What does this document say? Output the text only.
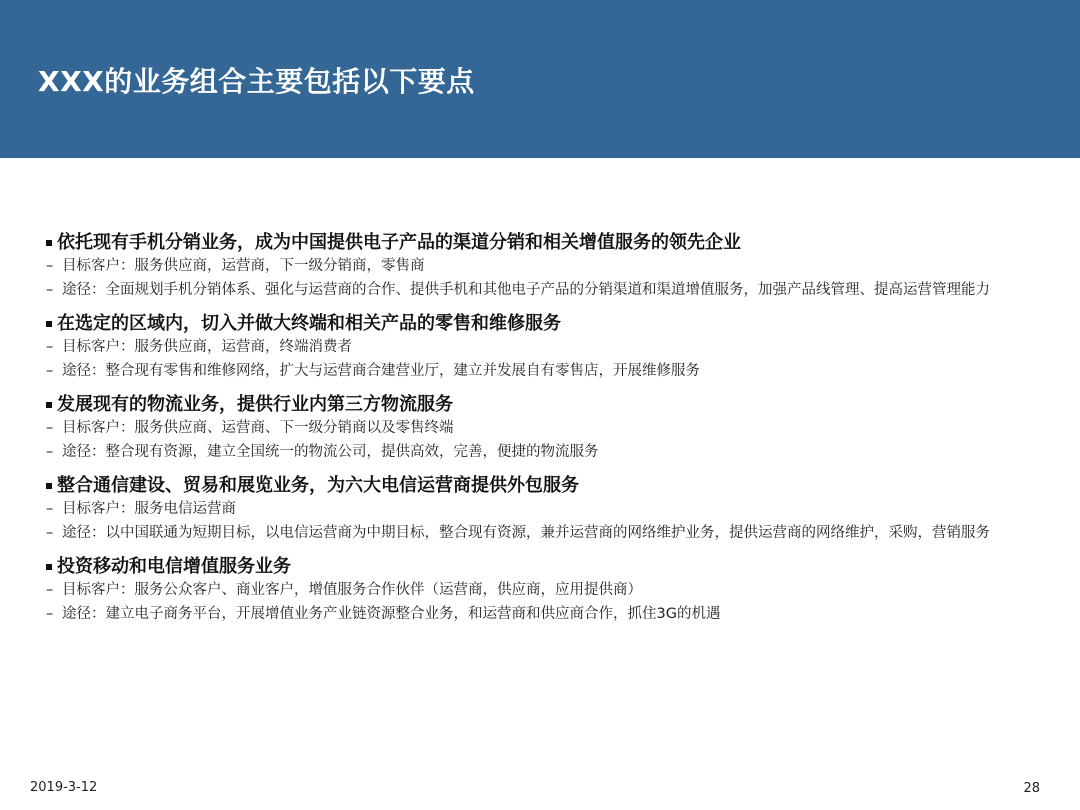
XXX的业务组合主要包括以下要点
依托现有手机分销业务，成为中国提供电子产品的渠道分销和相关增值服务的领先企业
– 目标客户：服务供应商，运营商，下一级分销商，零售商
– 途径：全面规划手机分销体系、强化与运营商的合作、提供手机和其他电子产品的分销渠道和渠道增值服务，加强产品线管理、提高运营管理能力
在选定的区域内，切入并做大终端和相关产品的零售和维修服务
– 目标客户：服务供应商，运营商，终端消费者
– 途径：整合现有零售和维修网络，扩大与运营商合建营业厅，建立并发展自有零售店，开展维修服务
发展现有的物流业务，提供行业内第三方物流服务
– 目标客户：服务供应商、运营商、下一级分销商以及零售终端
– 途径：整合现有资源，建立全国统一的物流公司，提供高效，完善，便捷的物流服务
整合通信建设、贸易和展览业务，为六大电信运营商提供外包服务
– 目标客户：服务电信运营商
– 途径：以中国联通为短期目标，以电信运营商为中期目标，整合现有资源，兼并运营商的网络维护业务，提供运营商的网络维护，采购，营销服务
投资移动和电信增值服务业务
– 目标客户：服务公众客户、商业客户，增值服务合作伙伴（运营商，供应商，应用提供商）
– 途径：建立电子商务平台，开展增值业务产业链资源整合业务，和运营商和供应商合作，抓住3G的机遇
2019-3-12	28
